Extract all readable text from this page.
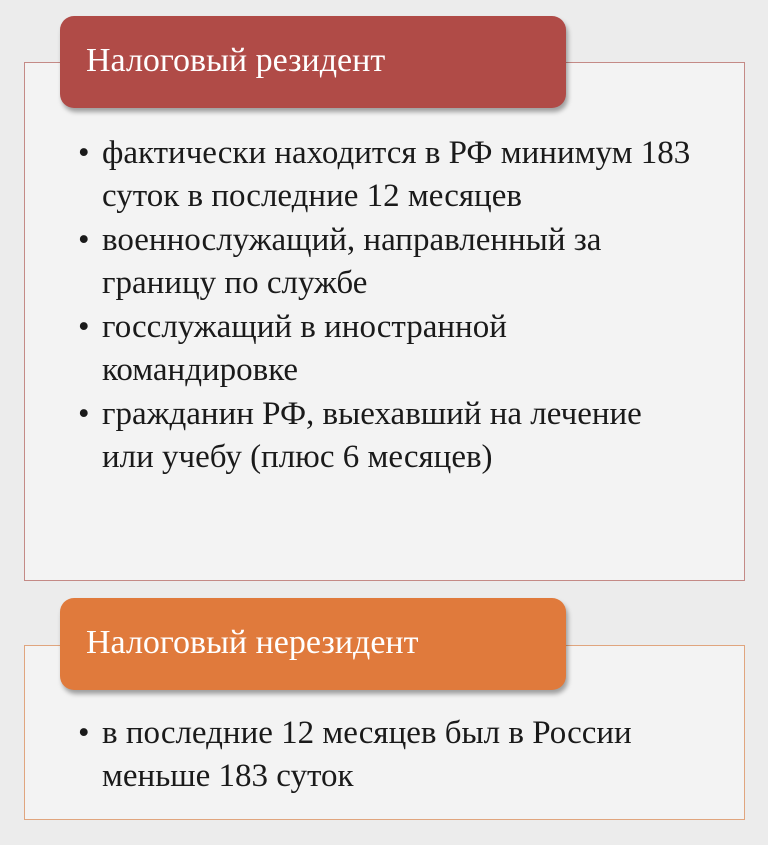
Налоговый резидент
• фактически находится в РФ минимум 183 суток в последние 12 месяцев
• военнослужащий, направленный за границу по службе
• госслужащий в иностранной командировке
• гражданин РФ, выехавший на лечение или учебу (плюс 6 месяцев)
Налоговый нерезидент
• в последние 12 месяцев был в России меньше 183 суток
